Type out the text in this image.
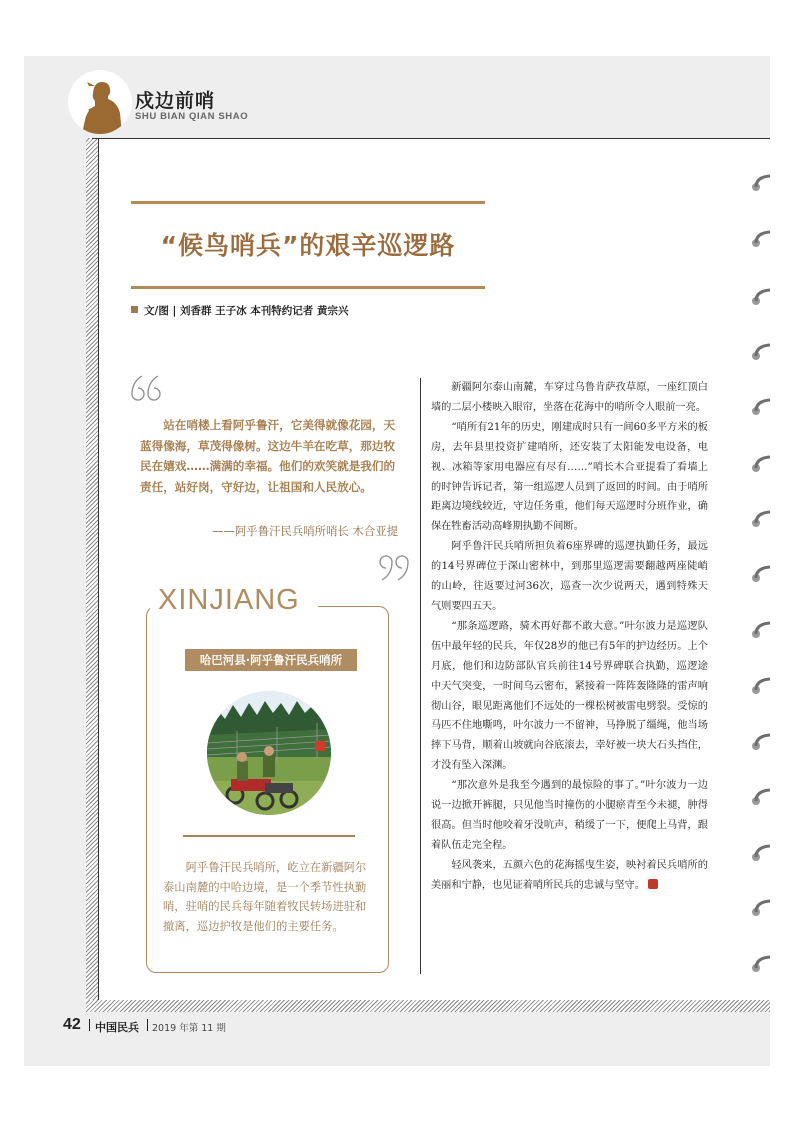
戍边前哨
SHU BIAN QIAN SHAO
“候鸟哨兵”的艰辛巡逻路
文/图 | 刘香群 王子冰 本刊特约记者 黄宗兴
站在哨楼上看阿乎鲁汗，它美得就像花园，天蓝得像海，草茂得像树。这边牛羊在吃草，那边牧民在嬉戏……满满的幸福。他们的欢笑就是我们的责任，站好岗，守好边，让祖国和人民放心。
——阿乎鲁汗民兵哨所哨长 木合亚提
XINJIANG
哈巴河县·阿乎鲁汗民兵哨所
阿乎鲁汗民兵哨所，屹立在新疆阿尔泰山南麓的中哈边境，是一个季节性执勤哨，驻哨的民兵每年随着牧民转场进驻和撤离，巡边护牧是他们的主要任务。

新疆阿尔泰山南麓，车穿过乌鲁肯萨孜草原，一座红顶白墙的二层小楼映入眼帘，坐落在花海中的哨所令人眼前一亮。

“哨所有21年的历史，刚建成时只有一间60多平方米的板房，去年县里投资扩建哨所，还安装了太阳能发电设备，电视、冰箱等家用电器应有尽有……”哨长木合亚提看了看墙上的时钟告诉记者，第一组巡逻人员到了返回的时间。由于哨所距离边境线较近，守边任务重，他们每天巡逻时分班作业，确保在牲畜活动高峰期执勤不间断。

阿乎鲁汗民兵哨所担负着6座界碑的巡逻执勤任务，最远的14号界碑位于深山密林中，到那里巡逻需要翻越两座陡峭的山岭，往返要过河36次，巡查一次少说两天，遇到特殊天气则要四五天。

“那条巡逻路，骑术再好都不敢大意。”叶尔波力是巡逻队伍中最年轻的民兵，年仅28岁的他已有5年的护边经历。上个月底，他们和边防部队官兵前往14号界碑联合执勤，巡逻途中天气突变，一时间乌云密布，紧接着一阵阵轰隆隆的雷声响彻山谷，眼见距离他们不远处的一棵松树被雷电劈裂。受惊的马匹不住地嘶鸣，叶尔波力一不留神，马挣脱了缰绳，他当场摔下马背，顺着山坡就向谷底滚去，幸好被一块大石头挡住，才没有坠入深渊。

“那次意外是我至今遇到的最惊险的事了。”叶尔波力一边说一边掀开裤腿，只见他当时撞伤的小腿瘀青至今未褪，肿得很高。但当时他咬着牙没吭声，稍缓了一下，便爬上马背，跟着队伍走完全程。

轻风袭来，五颜六色的花海摇曳生姿，映衬着民兵哨所的美丽和宁静，也见证着哨所民兵的忠诚与坚守。

42 中国民兵 2019 年第 11 期
